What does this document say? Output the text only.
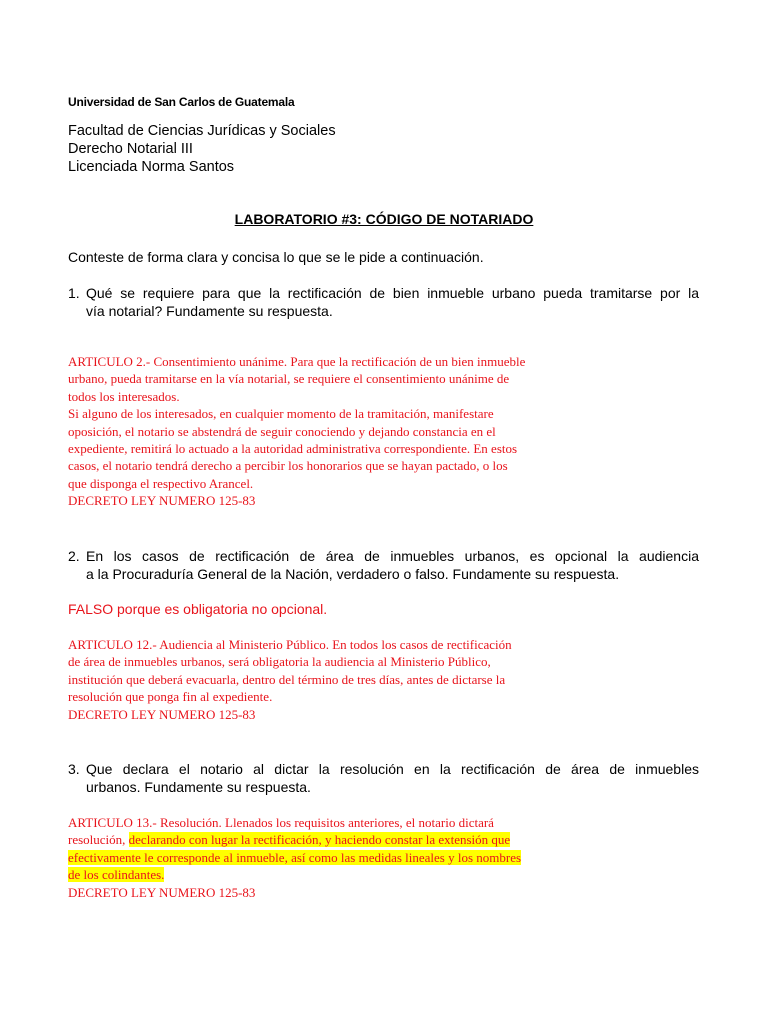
Universidad de San Carlos de Guatemala
Facultad de Ciencias Jurídicas y Sociales
Derecho Notarial III
Licenciada Norma Santos
LABORATORIO #3: CÓDIGO DE NOTARIADO
Conteste de forma clara y concisa lo que se le pide a continuación.
1. Qué se requiere para que la rectificación de bien inmueble urbano pueda tramitarse por la
vía notarial? Fundamente su respuesta.
ARTICULO 2.- Consentimiento unánime. Para que la rectificación de un bien inmueble
urbano, pueda tramitarse en la vía notarial, se requiere el consentimiento unánime de
todos los interesados.
Si alguno de los interesados, en cualquier momento de la tramitación, manifestare
oposición, el notario se abstendrá de seguir conociendo y dejando constancia en el
expediente, remitirá lo actuado a la autoridad administrativa correspondiente. En estos
casos, el notario tendrá derecho a percibir los honorarios que se hayan pactado, o los
que disponga el respectivo Arancel.
DECRETO LEY NUMERO 125-83
2. En los casos de rectificación de área de inmuebles urbanos, es opcional la audiencia
a la Procuraduría General de la Nación, verdadero o falso. Fundamente su respuesta.
FALSO porque es obligatoria no opcional.
ARTICULO 12.- Audiencia al Ministerio Público. En todos los casos de rectificación
de área de inmuebles urbanos, será obligatoria la audiencia al Ministerio Público,
institución que deberá evacuarla, dentro del término de tres días, antes de dictarse la
resolución que ponga fin al expediente.
DECRETO LEY NUMERO 125-83
3. Que declara el notario al dictar la resolución en la rectificación de área de inmuebles
urbanos. Fundamente su respuesta.
ARTICULO 13.- Resolución. Llenados los requisitos anteriores, el notario dictará
resolución, declarando con lugar la rectificación, y haciendo constar la extensión que
efectivamente le corresponde al inmueble, así como las medidas lineales y los nombres
de los colindantes.
DECRETO LEY NUMERO 125-83
